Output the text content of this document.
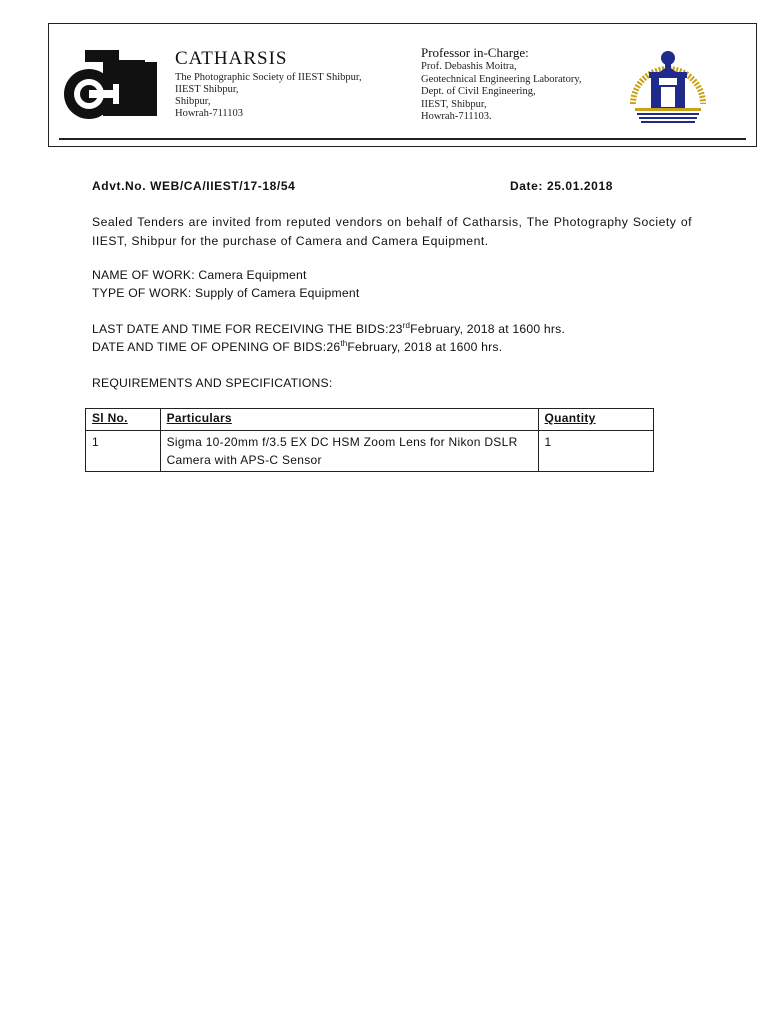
CATHARSIS
The Photographic Society of IIEST Shibpur,
IIEST Shibpur,
Shibpur,
Howrah-711103
Professor in-Charge:
Prof. Debashis Moitra,
Geotechnical Engineering Laboratory,
Dept. of Civil Engineering,
IIEST, Shibpur,
Howrah-711103.
Advt.No. WEB/CA/IIEST/17-18/54	Date: 25.01.2018
Sealed Tenders are invited from reputed vendors on behalf of Catharsis, The Photography Society of IIEST, Shibpur for the purchase of Camera and Camera Equipment.
NAME OF WORK: Camera Equipment
TYPE OF WORK: Supply of Camera Equipment
LAST DATE AND TIME FOR RECEIVING THE BIDS:23rdFebruary, 2018 at 1600 hrs.
DATE AND TIME OF OPENING OF BIDS:26thFebruary, 2018 at 1600 hrs.
REQUIREMENTS AND SPECIFICATIONS:
Sl No.	Particulars	Quantity
1	Sigma 10-20mm f/3.5 EX DC HSM Zoom Lens for Nikon DSLR Camera with APS-C Sensor	1
